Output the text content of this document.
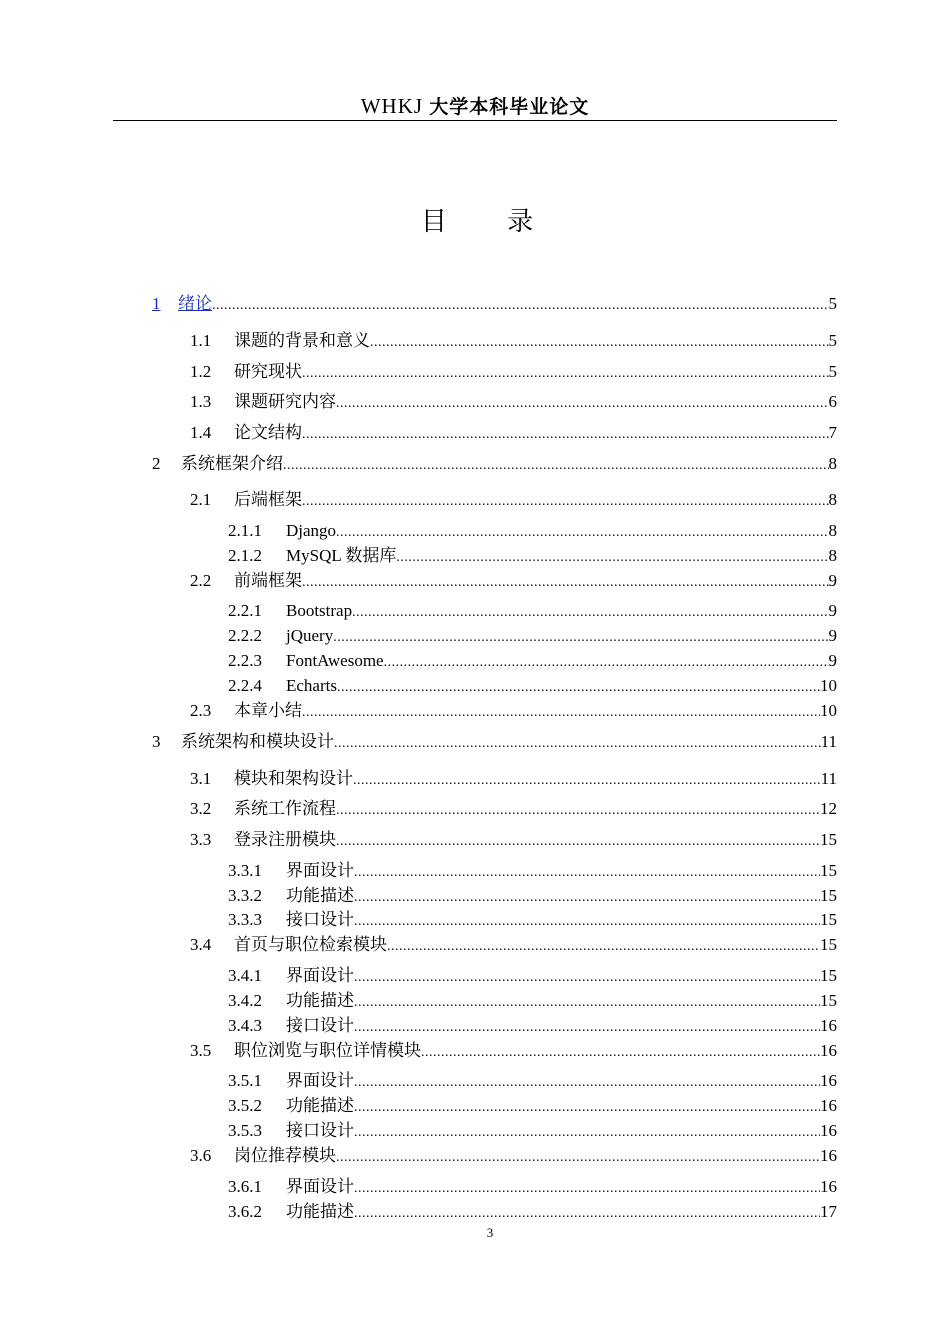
WHKJ 大学本科毕业论文
目 录
1	绪论 .....	5
1.1	课题的背景和意义 .....	5
1.2	研究现状 .....	5
1.3	课题研究内容 .....	6
1.4	论文结构 .....	7
2	系统框架介绍 .....	8
2.1	后端框架 .....	8
2.1.1	Django .....	8
2.1.2	MySQL 数据库 .....	8
2.2	前端框架 .....	9
2.2.1	Bootstrap .....	9
2.2.2	jQuery .....	9
2.2.3	FontAwesome .....	9
2.2.4	Echarts .....	10
2.3	本章小结 .....	10
3	系统架构和模块设计 .....	11
3.1	模块和架构设计 .....	11
3.2	系统工作流程 .....	12
3.3	登录注册模块 .....	15
3.3.1	界面设计 .....	15
3.3.2	功能描述 .....	15
3.3.3	接口设计 .....	15
3.4	首页与职位检索模块 .....	15
3.4.1	界面设计 .....	15
3.4.2	功能描述 .....	15
3.4.3	接口设计 .....	16
3.5	职位浏览与职位详情模块 .....	16
3.5.1	界面设计 .....	16
3.5.2	功能描述 .....	16
3.5.3	接口设计 .....	16
3.6	岗位推荐模块 .....	16
3.6.1	界面设计 .....	16
3.6.2	功能描述 .....	17
3
